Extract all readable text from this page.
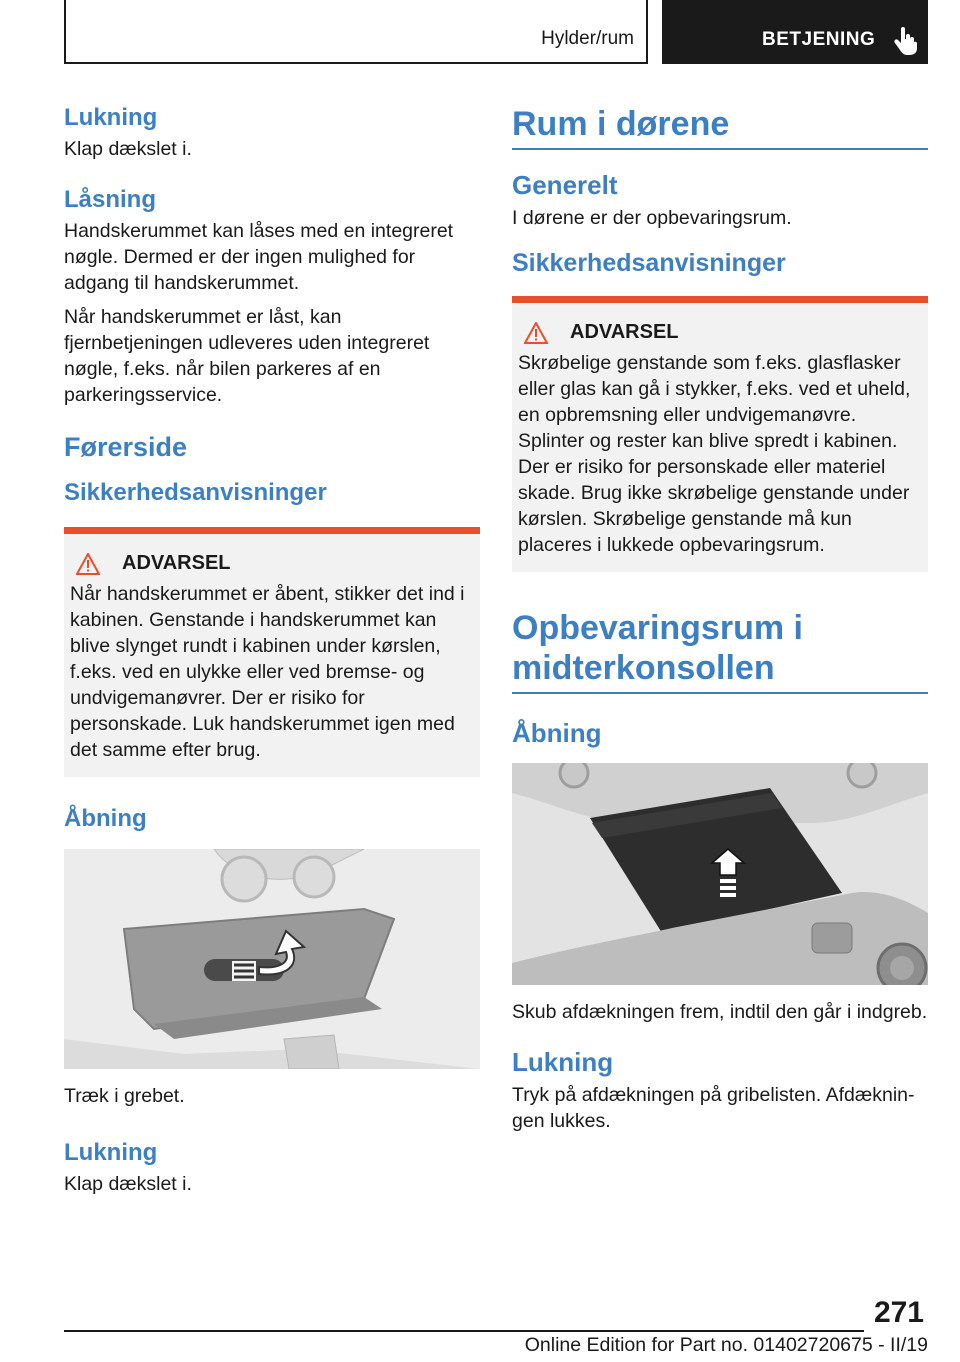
Hylder/rum	BETJENING
Lukning

Klap dækslet i.

Låsning

Handskerummet kan låses med en integreret nøgle. Dermed er der ingen mulighed for adgang til handskerummet.

Når handskerummet er låst, kan fjernbetjeningen udleveres uden integreret nøgle, f.eks. når bilen parkeres af en parkeringsservice.

Førerside
Sikkerhedsanvisninger
ADVARSEL

Når handskerummet er åbent, stikker det ind i kabinen. Genstande i handskerummet kan blive slynget rundt i kabinen under kørslen, f.eks. ved en ulykke eller ved bremse- og undvigemanøvrer. Der er risiko for personskade. Luk handskerummet igen med det samme efter brug.

Åbning

Træk i grebet.

Lukning

Klap dækslet i.

Rum i dørene
Generelt

I dørene er der opbevaringsrum.

Sikkerhedsanvisninger
ADVARSEL

Skrøbelige genstande som f.eks. glasflasker eller glas kan gå i stykker, f.eks. ved et uheld, en opbremsning eller undvigemanøvre. Splinter og rester kan blive spredt i kabinen. Der er risiko for personskade eller materiel skade. Brug ikke skrøbelige genstande under kørslen. Skrøbelige genstande må kun placeres i lukkede opbevaringsrum.

Opbevaringsrum i
midterkonsollen
Åbning

Skub afdækningen frem, indtil den går i indgreb.

Lukning

Tryk på afdækningen på gribelisten. Afdækningen lukkes.

271
Online Edition for Part no. 01402720675 - II/19
